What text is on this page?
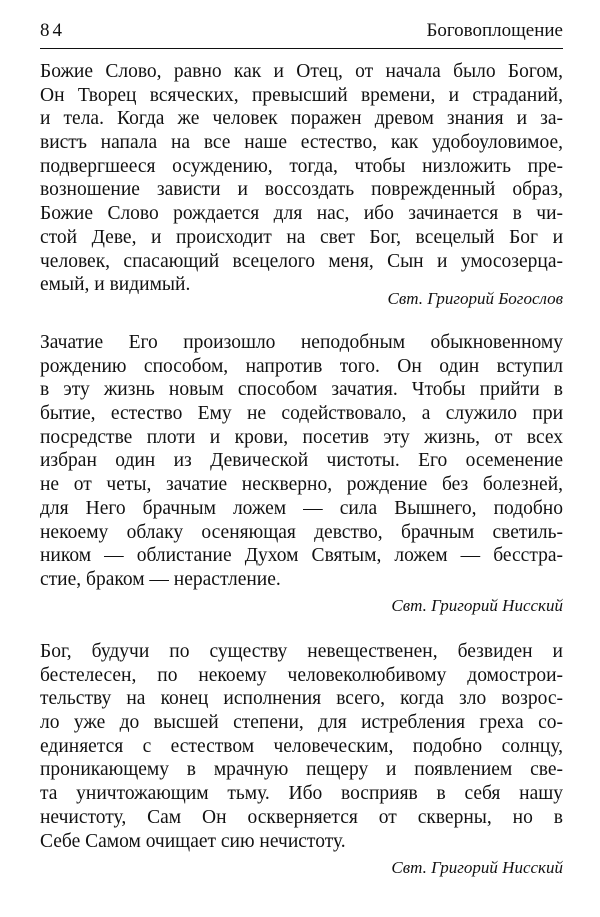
84	Боговоплощение
Божие Слово, равно как и Отец, от начала было Богом,
Он Творец всяческих, превысший времени, и страданий,
и тела. Когда же человек поражен древом знания и за-
вистъ напала на все наше естество, как удобоуловимое,
подвергшееся осуждению, тогда, чтобы низложить пре-
возношение зависти и воссоздать поврежденный образ,
Божие Слово рождается для нас, ибо зачинается в чи-
стой Деве, и происходит на свет Бог, всецелый Бог и
человек, спасающий всецелого меня, Сын и умосозерца-
емый, и видимый.
Свт. Григорий Богослов
Зачатие Его произошло неподобным обыкновенному
рождению способом, напротив того. Он один вступил
в эту жизнь новым способом зачатия. Чтобы прийти в
бытие, естество Ему не содействовало, а служило при
посредстве плоти и крови, посетив эту жизнь, от всех
избран один из Девической чистоты. Его осеменение
не от четы, зачатие нескверно, рождение без болезней,
для Него брачным ложем — сила Вышнего, подобно
некоему облаку осеняющая девство, брачным светиль-
ником — облистание Духом Святым, ложем — бесстра-
стие, браком — нерастление.
Свт. Григорий Нисский
Бог, будучи по существу невещественен, безвиден и
бестелесен, по некоему человеколюбивому домострои-
тельству на конец исполнения всего, когда зло возрос-
ло уже до высшей степени, для истребления греха со-
единяется с естеством человеческим, подобно солнцу,
проникающему в мрачную пещеру и появлением све-
та уничтожающим тьму. Ибо восприяв в себя нашу
нечистоту, Сам Он оскверняется от скверны, но в
Себе Самом очищает сию нечистоту.
Свт. Григорий Нисский
